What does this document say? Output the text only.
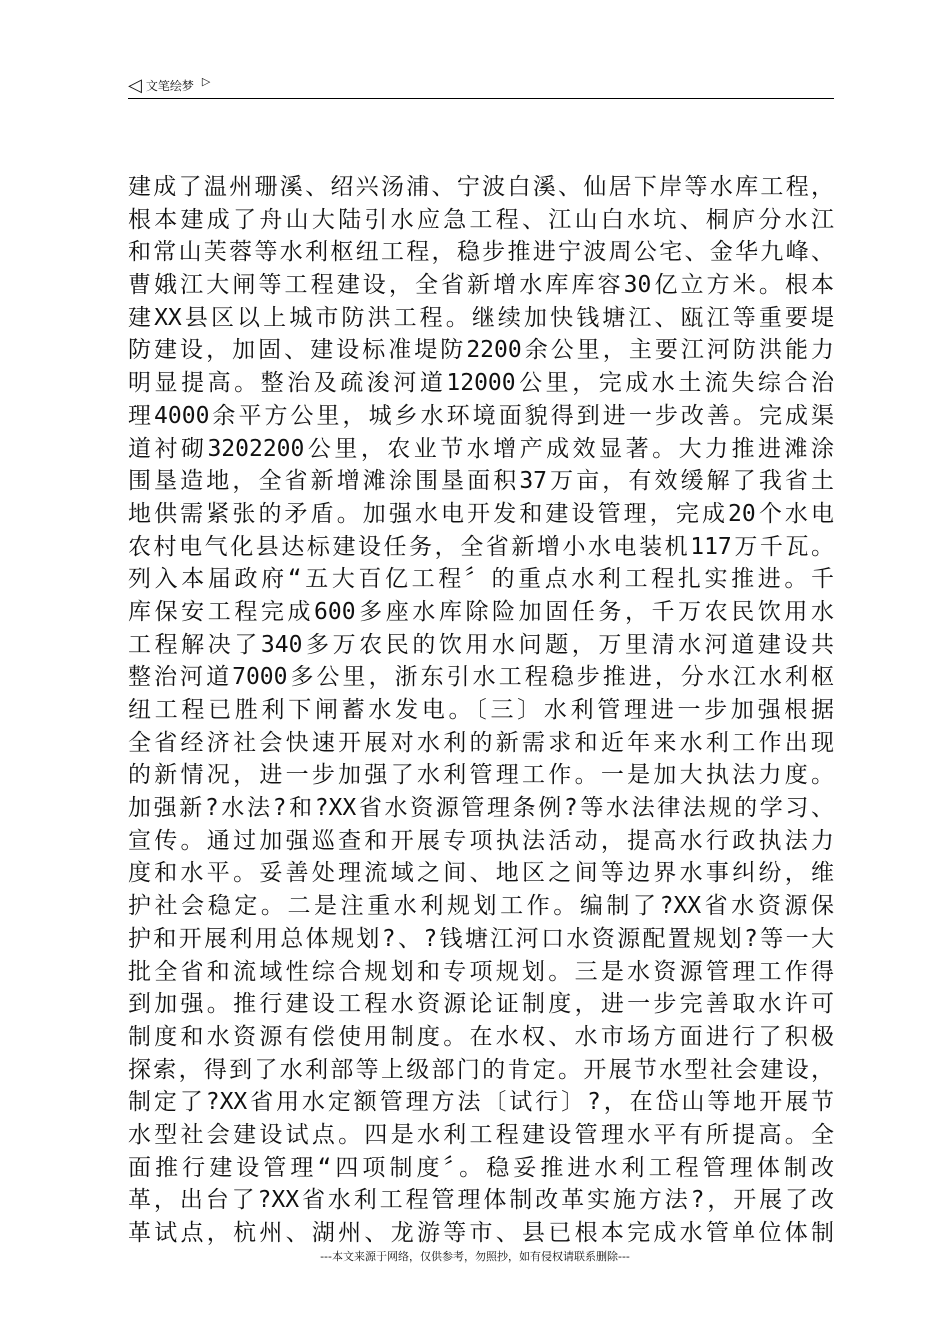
◁ 文笔绘梦 ▷
建成了温州珊溪、绍兴汤浦、宁波白溪、仙居下岸等水库工程，
根本建成了舟山大陆引水应急工程、江山白水坑、桐庐分水江
和常山芙蓉等水利枢纽工程，稳步推进宁波周公宅、金华九峰、
曹娥江大闸等工程建设，全省新增水库库容30亿立方米。根本
建XX县区以上城市防洪工程。继续加快钱塘江、瓯江等重要堤
防建设，加固、建设标准堤防2200余公里，主要江河防洪能力
明显提高。整治及疏浚河道12000公里，完成水土流失综合治
理4000余平方公里，城乡水环境面貌得到进一步改善。完成渠
道衬砌3202200公里，农业节水增产成效显著。大力推进滩涂
围垦造地，全省新增滩涂围垦面积37万亩，有效缓解了我省土
地供需紧张的矛盾。加强水电开发和建设管理，完成20个水电
农村电气化县达标建设任务，全省新增小水电装机117万千瓦。
列入本届政府“五大百亿工程〞的重点水利工程扎实推进。千
库保安工程完成600多座水库除险加固任务，千万农民饮用水
工程解决了340多万农民的饮用水问题，万里清水河道建设共
整治河道7000多公里，浙东引水工程稳步推进，分水江水利枢
纽工程已胜利下闸蓄水发电。〔三〕水利管理进一步加强根据
全省经济社会快速开展对水利的新需求和近年来水利工作出现
的新情况，进一步加强了水利管理工作。一是加大执法力度。
加强新?水法?和?XX省水资源管理条例?等水法律法规的学习、
宣传。通过加强巡查和开展专项执法活动，提高水行政执法力
度和水平。妥善处理流域之间、地区之间等边界水事纠纷，维
护社会稳定。二是注重水利规划工作。编制了?XX省水资源保
护和开展利用总体规划?、?钱塘江河口水资源配置规划?等一大
批全省和流域性综合规划和专项规划。三是水资源管理工作得
到加强。推行建设工程水资源论证制度，进一步完善取水许可
制度和水资源有偿使用制度。在水权、水市场方面进行了积极
探索，得到了水利部等上级部门的肯定。开展节水型社会建设，
制定了?XX省用水定额管理方法〔试行〕?，在岱山等地开展节
水型社会建设试点。四是水利工程建设管理水平有所提高。全
面推行建设管理“四项制度〞。稳妥推进水利工程管理体制改
革，出台了?XX省水利工程管理体制改革实施方法?，开展了改
革试点，杭州、湖州、龙游等市、县已根本完成水管单位体制
---本文来源于网络，仅供参考，勿照抄，如有侵权请联系删除---
